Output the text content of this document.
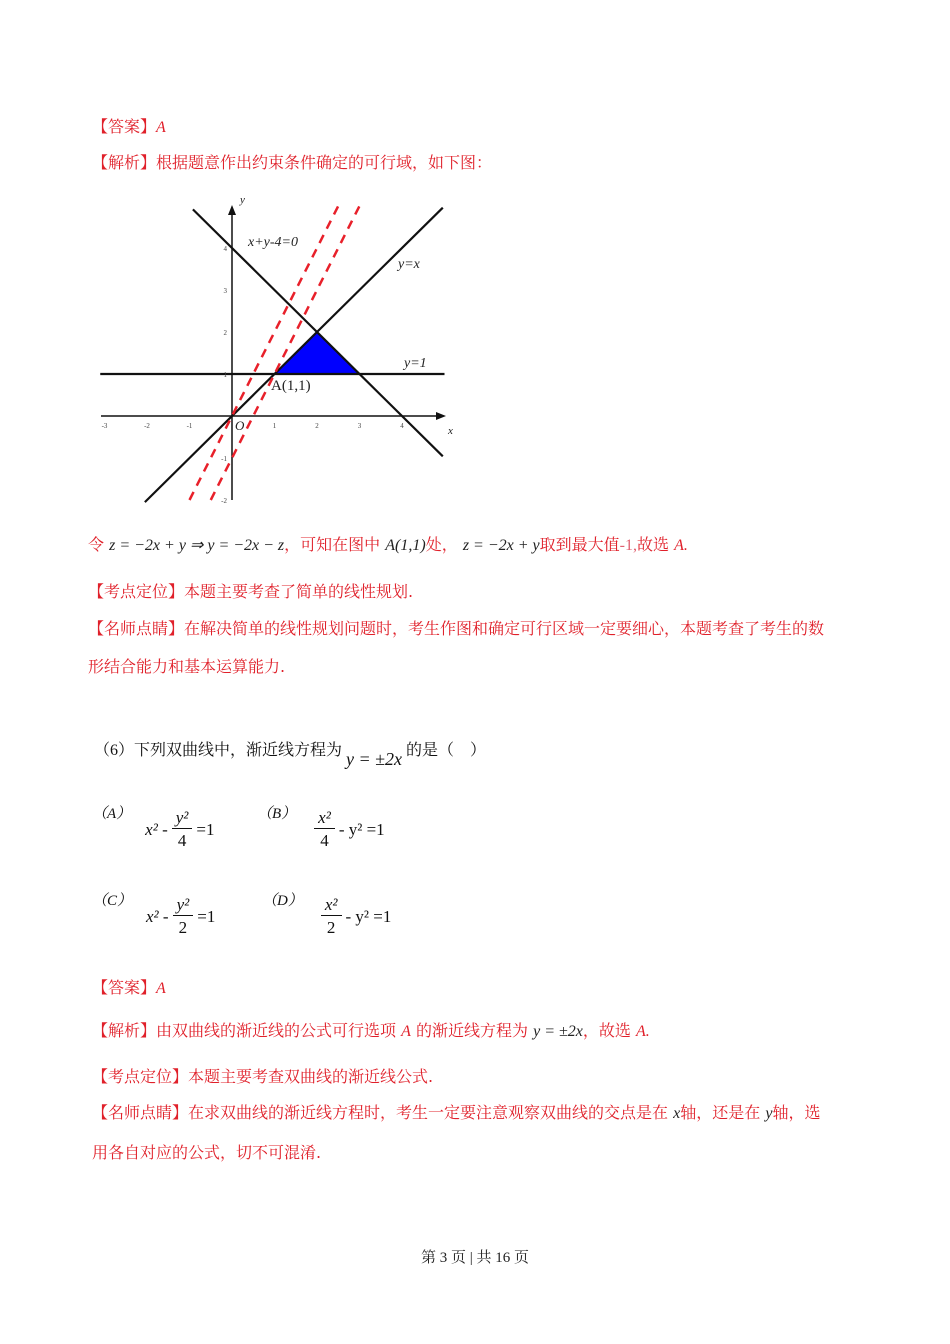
【答案】A
【解析】根据题意作出约束条件确定的可行域，如下图：
-3	-2	-1	1	2	3	4
-2
-1
1
2
3
4
x
y
O
x+y-4=0
y=x
y=1
A(1,1)
令 z = −2x + y ⇒ y = −2x − z，可知在图中 A(1,1)处， z = −2x + y取到最大值-1,故选 A.
【考点定位】本题主要考查了简单的线性规划.
【名师点睛】在解决简单的线性规划问题时，考生作图和确定可行区域一定要细心，本题考查了考生的数
形结合能力和基本运算能力.
（6）下列双曲线中，渐近线方程为 y = ±2x 的是（　）
（A）
$x^2 - \frac{\text{y²}}{4} =1$
$(B) \frac{\text{x²}}{4} - y^2 =1$
（C）
$x^2 - \frac{\text{y²}}{2} =1$
$(D) \frac{\text{x²}}{2} - y^2 =1$
【答案】A
【解析】由双曲线的渐近线的公式可行选项 A 的渐近线方程为 y = ±2x，故选 A.
【考点定位】本题主要考查双曲线的渐近线公式.
【名师点睛】在求双曲线的渐近线方程时，考生一定要注意观察双曲线的交点是在 x轴，还是在 y轴，选
用各自对应的公式，切不可混淆.
第 3 页 | 共 16 页
